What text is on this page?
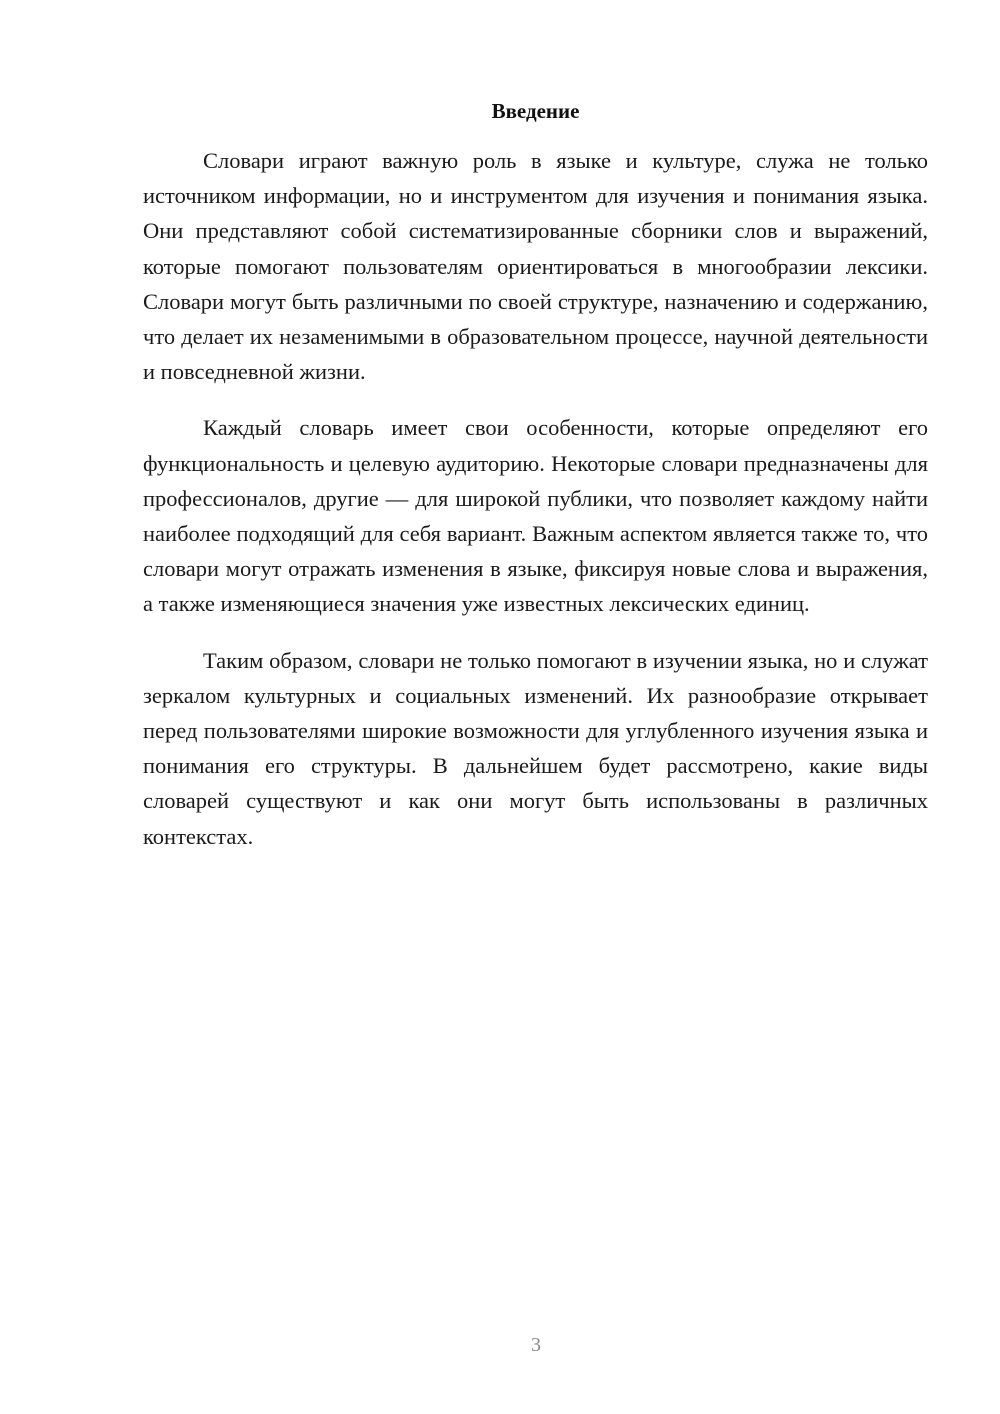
Введение

Словари играют важную роль в языке и культуре, служа не только источником информации, но и инструментом для изучения и понимания языка. Они представляют собой систематизированные сборники слов и выражений, которые помогают пользователям ориентироваться в многообразии лексики. Словари могут быть различными по своей структуре, назначению и содержанию, что делает их незаменимыми в образовательном процессе, научной деятельности и повседневной жизни.

Каждый словарь имеет свои особенности, которые определяют его функциональность и целевую аудиторию. Некоторые словари предназначены для профессионалов, другие — для широкой публики, что позволяет каждому найти наиболее подходящий для себя вариант. Важным аспектом является также то, что словари могут отражать изменения в языке, фиксируя новые слова и выражения, а также изменяющиеся значения уже известных лексических единиц.

Таким образом, словари не только помогают в изучении языка, но и служат зеркалом культурных и социальных изменений. Их разнообразие открывает перед пользователями широкие возможности для углубленного изучения языка и понимания его структуры. В дальнейшем будет рассмотрено, какие виды словарей существуют и как они могут быть использованы в различных контекстах.

3
